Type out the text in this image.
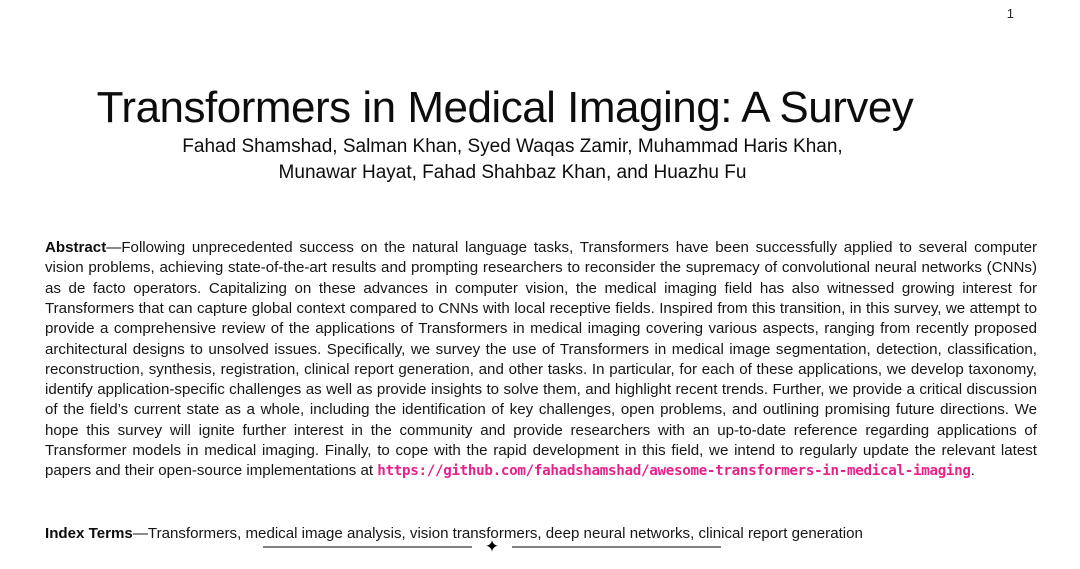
1
Transformers in Medical Imaging: A Survey
Fahad Shamshad, Salman Khan, Syed Waqas Zamir, Muhammad Haris Khan,
Munawar Hayat, Fahad Shahbaz Khan, and Huazhu Fu

Abstract—Following unprecedented success on the natural language tasks, Transformers have been successfully applied to several computer vision problems, achieving state-of-the-art results and prompting researchers to reconsider the supremacy of convolutional neural networks (CNNs) as de facto operators. Capitalizing on these advances in computer vision, the medical imaging field has also witnessed growing interest for Transformers that can capture global context compared to CNNs with local receptive fields. Inspired from this transition, in this survey, we attempt to provide a comprehensive review of the applications of Transformers in medical imaging covering various aspects, ranging from recently proposed architectural designs to unsolved issues. Specifically, we survey the use of Transformers in medical image segmentation, detection, classification, reconstruction, synthesis, registration, clinical report generation, and other tasks. In particular, for each of these applications, we develop taxonomy, identify application-specific challenges as well as provide insights to solve them, and highlight recent trends. Further, we provide a critical discussion of the field’s current state as a whole, including the identification of key challenges, open problems, and outlining promising future directions. We hope this survey will ignite further interest in the community and provide researchers with an up-to-date reference regarding applications of Transformer models in medical imaging. Finally, to cope with the rapid development in this field, we intend to regularly update the relevant latest papers and their open-source implementations at https://github.com/fahadshamshad/awesome-transformers-in-medical-imaging.

Index Terms—Transformers, medical image analysis, vision transformers, deep neural networks, clinical report generation

✦
